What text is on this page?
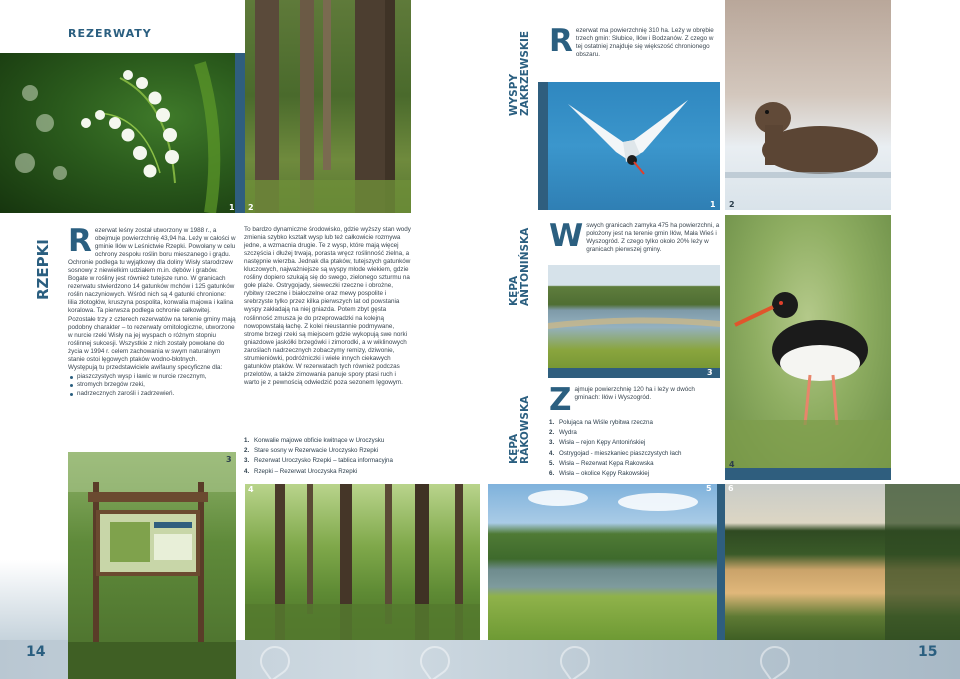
REZERWATY
1 2
RZEPKI R ezerwat leśny został utworzony w 1988 r., a obejmuje powierzchnię 43,94 ha. Leży w całości w gminie Iłów w Leśnictwie Rzepki. Powołany w celu ochrony zespołu roślin boru mieszanego i grądu. Ochronie podlega tu wyjątkowy dla doliny Wisły starodrzew sosnowy z niewielkim udziałem m.in. dębów i grabów. Bogate w rośliny jest również tutejsze runo. W granicach rezerwatu stwierdzono 14 gatunków mchów i 125 gatunków roślin naczyniowych. Wśród nich są 4 gatunki chronione: lilia złotogłów, kruszyna pospolita, konwalia majowa i kalina koralowa. Ta pierwsza podlega ochronie całkowitej.
Pozostałe trzy z czterech rezerwatów na terenie gminy mają podobny charakter – to rezerwaty ornitologiczne, utworzone w nurcie rzeki Wisły na jej wyspach o różnym stopniu roślinnej sukcesji. Wszystkie z nich zostały powołane do życia w 1994 r. celem zachowania w swym naturalnym stanie ostoi lęgowych ptaków wodno-błotnych.
Występują tu przedstawiciele awifauny specyficzne dla:
piaszczystych wysp i ławic w nurcie rzecznym,
stromych brzegów rzeki,
nadrzecznych zarośli i zadrzewień.
To bardzo dynamiczne środowisko, gdzie wyższy stan wody zmienia szybko kształt wysp lub też całkowicie rozmywa jedne, a wzmacnia drugie. Te z wysp, które mają więcej szczęścia i dłużej trwają, porasta wręcz roślinność zielna, a następnie wierzba. Jednak dla ptaków, tutejszych gatunków kluczowych, najważniejsze są wyspy młode wiekiem, gdzie rośliny dopiero szukają się do swego, zielonego szturmu na gołe plaże. Ostrygojady, sieweczki rzeczne i obrożne, rybitwy rzeczne i białoczelne oraz mewy pospolite i srebrzyste tylko przez kilka pierwszych lat od powstania wyspy zakładają na niej gniazda. Potem zbyt gęsta roślinność zmusza je do przeprowadzki na kolejną nowopowstałą łachę. Z kolei nieustannie podmywane, strome brzegi rzeki są miejscem gdzie wykopują swe norki gniazdowe jaskółki brzegówki i zimorodki, a w wiklinowych zaroślach nadrzecznych zobaczymy remizy, dziwonie, strumieniówki, podróżniczki i wiele innych ciekawych gatunków ptaków. W rezerwatach tych również podczas przelotów, a także zimowania panuje spory ptasi ruch i warto je z pewnością odwiedzić poza sezonem lęgowym.
1. Konwalie majowe obficie kwitnące w Uroczysku
2. Stare sosny w Rezerwacie Uroczysko Rzepki
3. Rezerwat Uroczysko Rzepki – tablica informacyjna
4. Rzepki – Rezerwat Uroczyska Rzepki
3
4
14
WYSPY ZAKRZEWSKIE R ezerwat ma powierzchnię 310 ha. Leży w obrębie trzech gmin: Słubice, Iłów i Bodzanów. Z czego w tej ostatniej znajduje się większość chronionego obszaru.
1 2
KĘPA ANTONIŃSKA W swych granicach zamyka 475 ha powierzchni, a położony jest na terenie gmin Iłów, Mała Wieś i Wyszogród. Z czego tylko około 20% leży w granicach pierwszej gminy.
3
4
KĘPA RAKOWSKA Z ajmuje powierzchnię 120 ha i leży w dwóch gminach: Iłów i Wyszogród.
1. Polująca na Wiśle rybitwa rzeczna
2. Wydra
3. Wisła – rejon Kępy Antonińskiej
4. Ostrygojad - mieszkaniec piaszczystych łach
5. Wisła – Rezerwat Kępa Rakowska
6. Wisła – okolice Kępy Rakowskiej
5 6
15
